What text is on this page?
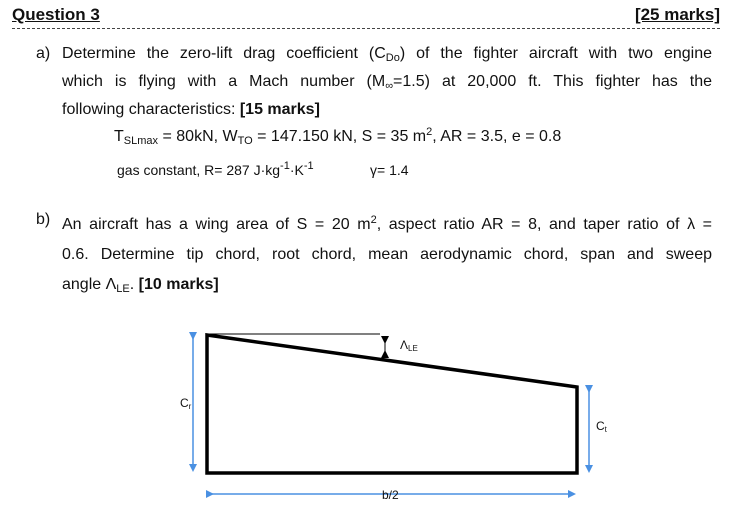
Question 3	[25 marks]
a) Determine the zero-lift drag coefficient $(C_{Do})$ of the fighter aircraft with two engine
which is flying with a Mach number $(M_\infty=1.5)$ at 20,000 ft. This fighter has the
following characteristics: [15 marks]
$T_{SLmax} = 80kN$, $W_{TO} = 147.150$ kN, S = 35 $m^2$, AR = 3.5, e = 0.8
gas constant, R= 287 $J\cdot kg^{-1}\cdot K^{-1}$	γ= 1.4
b) An aircraft has a wing area of S = 20 $m^2$, aspect ratio AR = 8, and taper ratio of λ =
0.6. Determine tip chord, root chord, mean aerodynamic chord, span and sweep
angle $\Lambda_{LE}$. [10 marks]
ΛLE
Cr
Ct
b/2
